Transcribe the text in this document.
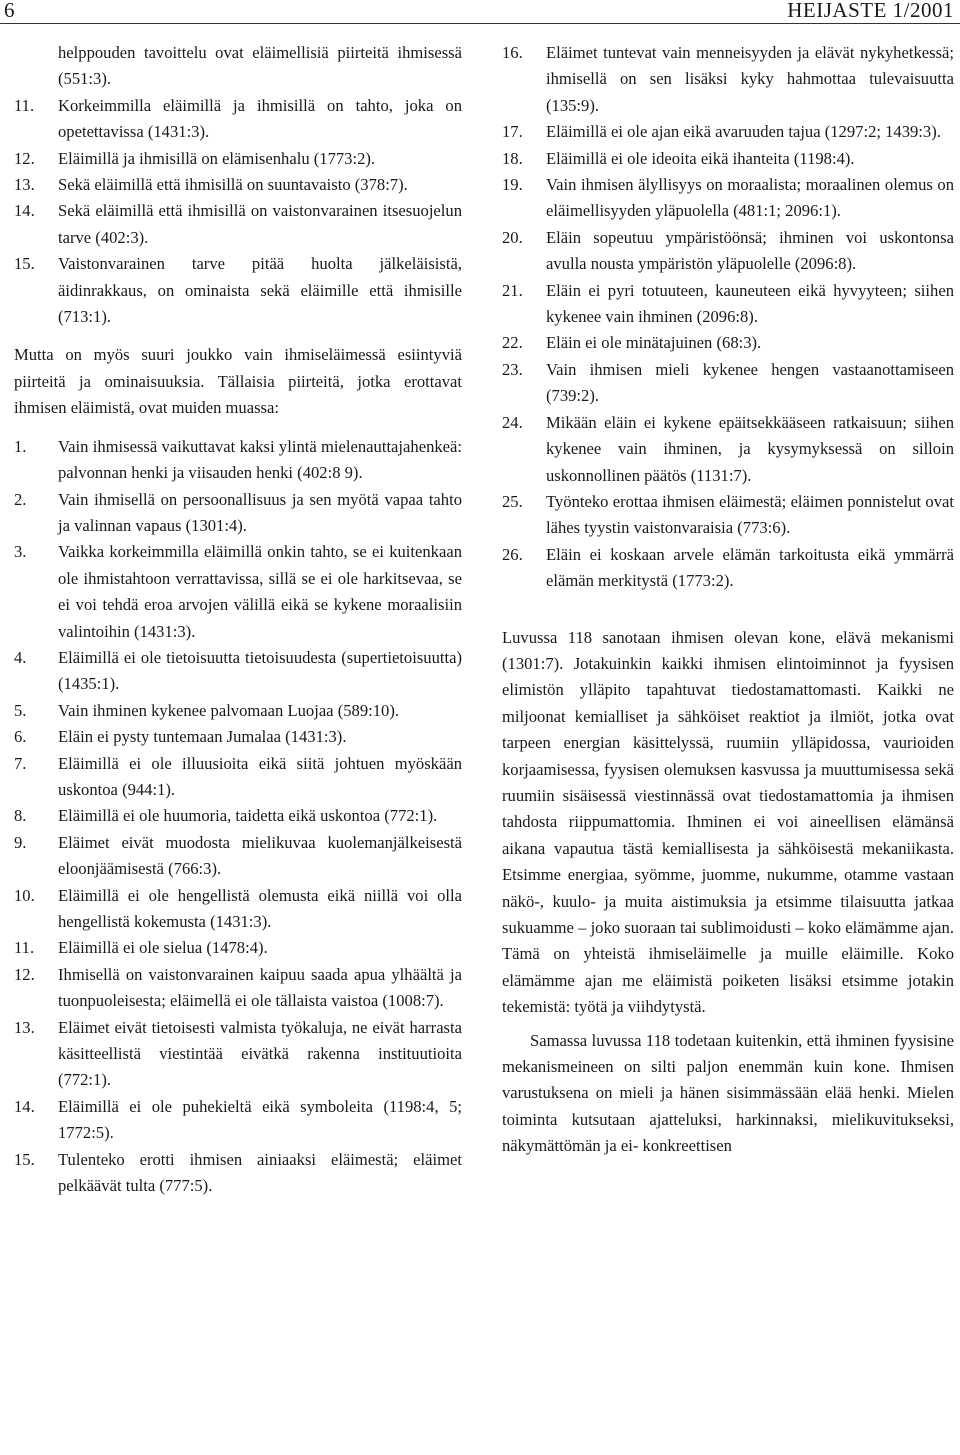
6	HEIJASTE 1/2001
helppouden tavoittelu ovat eläimellisiä piirteitä ihmisessä (551:3).
11.	Korkeimmilla eläimillä ja ihmisillä on tahto, joka on opetettavissa (1431:3).
12.	Eläimillä ja ihmisillä on elämisenhalu (1773:2).
13.	Sekä eläimillä että ihmisillä on suuntavaisto (378:7).
14.	Sekä eläimillä että ihmisillä on vaistonvarainen itsesuojelun tarve (402:3).
15.	Vaistonvarainen tarve pitää huolta jälkeläisistä, äidinrakkaus, on ominaista sekä eläimille että ihmisille (713:1).

Mutta on myös suuri joukko vain ihmiseläimessä esiintyviä piirteitä ja ominaisuuksia. Tällaisia piirteitä, jotka erottavat ihmisen eläimistä, ovat muiden muassa:

1.	Vain ihmisessä vaikuttavat kaksi ylintä mielenauttajahenkeä: palvonnan henki ja viisauden henki (402:8 9).
2.	Vain ihmisellä on persoonallisuus ja sen myötä vapaa tahto ja valinnan vapaus (1301:4).
3.	Vaikka korkeimmilla eläimillä onkin tahto, se ei kuitenkaan ole ihmistahtoon verrattavissa, sillä se ei ole harkitsevaa, se ei voi tehdä eroa arvojen välillä eikä se kykene moraalisiin valintoihin (1431:3).
4.	Eläimillä ei ole tietoisuutta tietoisuudesta (supertietoisuutta) (1435:1).
5.	Vain ihminen kykenee palvomaan Luojaa (589:10).
6.	Eläin ei pysty tuntemaan Jumalaa (1431:3).
7.	Eläimillä ei ole illuusioita eikä siitä johtuen myöskään uskontoa (944:1).
8.	Eläimillä ei ole huumoria, taidetta eikä uskontoa (772:1).
9.	Eläimet eivät muodosta mielikuvaa kuolemanjälkeisestä eloonjäämisestä (766:3).
10.	Eläimillä ei ole hengellistä olemusta eikä niillä voi olla hengellistä kokemusta (1431:3).
11.	Eläimillä ei ole sielua (1478:4).
12.	Ihmisellä on vaistonvarainen kaipuu saada apua ylhäältä ja tuonpuoleisesta; eläimellä ei ole tällaista vaistoa (1008:7).
13.	Eläimet eivät tietoisesti valmista työkaluja, ne eivät harrasta käsitteellistä viestintää eivätkä rakenna instituutioita (772:1).
14.	Eläimillä ei ole puhekieltä eikä symboleita (1198:4, 5; 1772:5).
15.	Tulenteko erotti ihmisen ainiaaksi eläimestä; eläimet pelkäävät tulta (777:5).
16.	Eläimet tuntevat vain menneisyyden ja elävät nykyhetkessä; ihmisellä on sen lisäksi kyky hahmottaa tulevaisuutta (135:9).
17.	Eläimillä ei ole ajan eikä avaruuden tajua (1297:2; 1439:3).
18.	Eläimillä ei ole ideoita eikä ihanteita (1198:4).
19.	Vain ihmisen älyllisyys on moraalista; moraalinen olemus on eläimellisyyden yläpuolella (481:1; 2096:1).
20.	Eläin sopeutuu ympäristöönsä; ihminen voi uskontonsa avulla nousta ympäristön yläpuolelle (2096:8).
21.	Eläin ei pyri totuuteen, kauneuteen eikä hyvyyteen; siihen kykenee vain ihminen (2096:8).
22.	Eläin ei ole minätajuinen (68:3).
23.	Vain ihmisen mieli kykenee hengen vastaanottamiseen (739:2).
24.	Mikään eläin ei kykene epäitsekkääseen ratkaisuun; siihen kykenee vain ihminen, ja kysymyksessä on silloin uskonnollinen päätös (1131:7).
25.	Työnteko erottaa ihmisen eläimestä; eläimen ponnistelut ovat lähes tyystin vaistonvaraisia (773:6).
26.	Eläin ei koskaan arvele elämän tarkoitusta eikä ymmärrä elämän merkitystä (1773:2).

Luvussa 118 sanotaan ihmisen olevan kone, elävä mekanismi (1301:7). Jotakuinkin kaikki ihmisen elintoiminnot ja fyysisen elimistön ylläpito tapahtuvat tiedostamattomasti. Kaikki ne miljoonat kemialliset ja sähköiset reaktiot ja ilmiöt, jotka ovat tarpeen energian käsittelyssä, ruumiin ylläpidossa, vaurioiden korjaamisessa, fyysisen olemuksen kasvussa ja muuttumisessa sekä ruumiin sisäisessä viestinnässä ovat tiedostamattomia ja ihmisen tahdosta riippumattomia. Ihminen ei voi aineellisen elämänsä aikana vapautua tästä kemiallisesta ja sähköisestä mekaniikasta. Etsimme energiaa, syömme, juomme, nukumme, otamme vastaan näkö-, kuulo- ja muita aistimuksia ja etsimme tilaisuutta jatkaa sukuamme – joko suoraan tai sublimoidusti – koko elämämme ajan. Tämä on yhteistä ihmiseläimelle ja muille eläimille. Koko elämämme ajan me eläimistä poiketen lisäksi etsimme jotakin tekemistä: työtä ja viihdytystä.

Samassa luvussa 118 todetaan kuitenkin, että ihminen fyysisine mekanismeineen on silti paljon enemmän kuin kone. Ihmisen varustuksena on mieli ja hänen sisimmässään elää henki. Mielen toiminta kutsutaan ajatteluksi, harkinnaksi, mielikuvitukseksi, näkymättömän ja ei- konkreettisen
